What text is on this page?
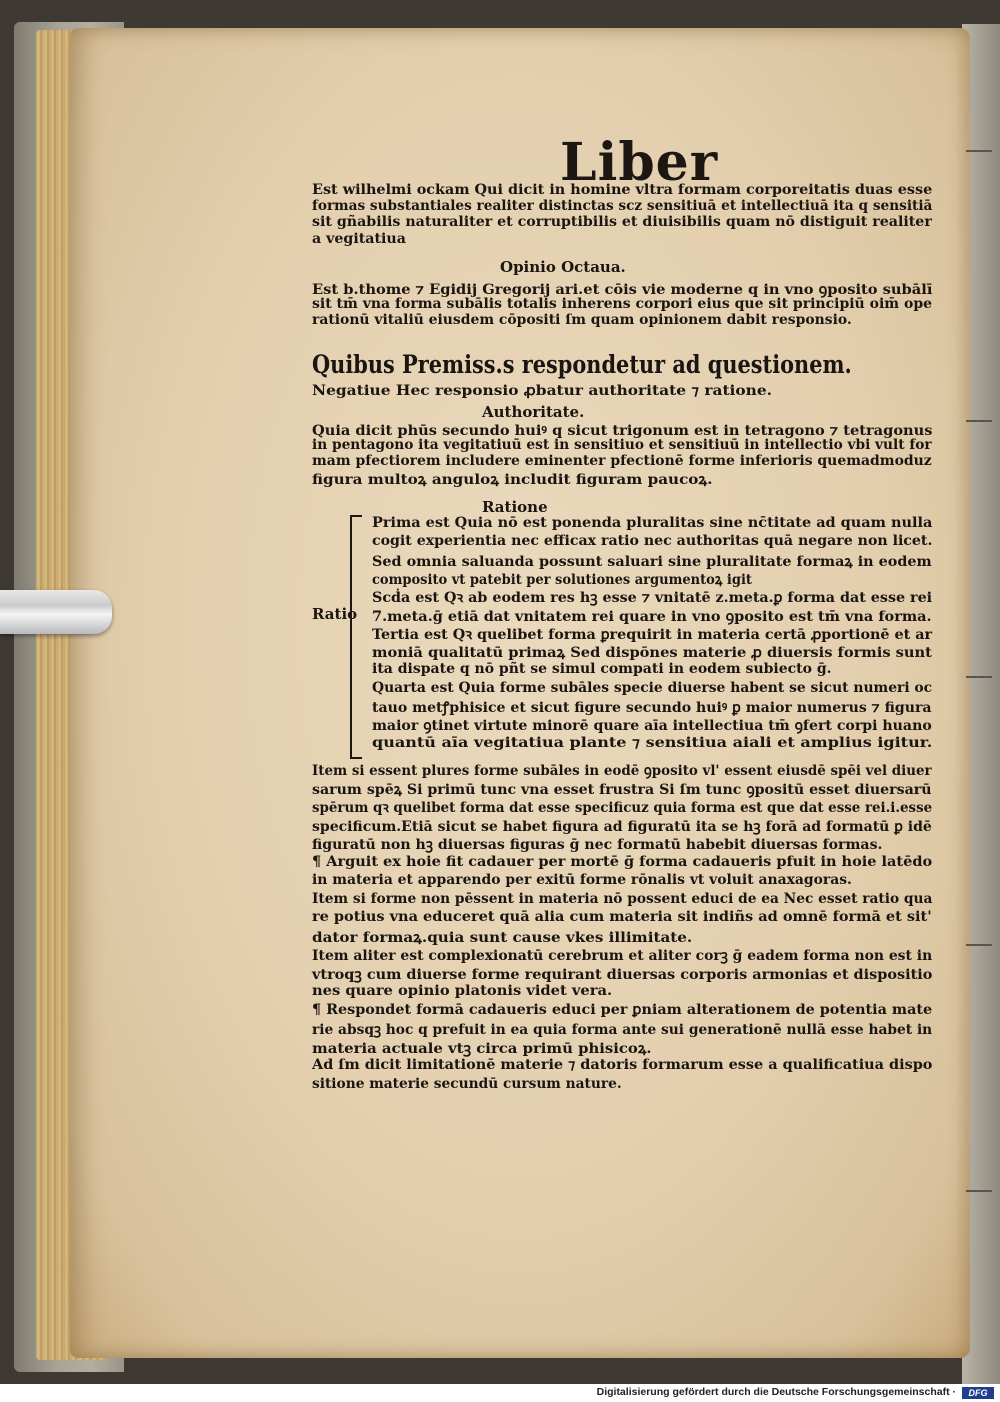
Liber
Est wilhelmi ockam Qui dicit in homine vltra formam corporeitatis duas esse
formas substantiales realiter distinctas scz sensitiuā et intellectiuā ita q sensitiā
sit gñabilis naturaliter et corruptibilis et diuisibilis quam nō distiguit realiter
a vegitatiua
Opinio Octaua.
Est b.thome ⁊ Egidij Gregorij ari.et cōis vie moderne q in vno ꝯposito subālī
sit tm̄ vna forma subālis totalis inherens corpori eius que sit principiū oim̄ ope
rationū vitaliū eiusdem cōpositi ſm quam opinionem dabit responsio.
Quibus Premiss.s respondetur ad questionem.
Negatiue Hec responsio ꝓbatur authoritate ⁊ ratione.
Authoritate.
Quia dicit phūs secundo huiꝰ q sicut trigonum est in tetragono ⁊ tetragonus
in pentagono ita vegitatiuū est in sensitiuo et sensitiuū in intellectio vbi vult for
mam pfectiorem includere eminenter pfectionē forme inferioris quemadmoduz
figura multoꝝ anguloꝝ includit figuram paucoꝝ.
Ratione
Prima est Quia nō est ponenda pluralitas sine nc̄titate ad quam nulla
cogit experientia nec efficax ratio nec authoritas quā negare non licet.
Sed omnia saluanda possunt saluari sine pluralitate formaꝝ in eodem
composito vt patebit per solutiones argumentoꝝ igit
Scḋa est Qꝛ ab eodem res hꝫ esse ⁊ vnitatē z.meta.ꝑ forma dat esse rei
7.meta.ḡ etiā dat vnitatem rei quare in vno ꝯposito est tm̄ vna forma.
Tertia est Qꝛ quelibet forma ꝑrequirit in materia certā ꝓportionē et ar
moniā qualitatū primaꝝ Sed dispōnes materie ꝓ diuersis formis sunt
ita dispate q nō pñt se simul compati in eodem subiecto ḡ.
Quarta est Quia forme subāles specie diuerse habent se sicut numeri oc
tauo metꝭphisice et sicut figure secundo huiꝰ ꝑ maior numerus ⁊ figura
maior ꝯtinet virtute minorē quare aīa intellectiua tm̄ ꝯfert corpi huano
quantū aīa vegitatiua plante ⁊ sensitiua aiali et amplius igitur.
Item si essent plures forme subāles in eodē ꝯposito vl' essent eiusdē spēi vel diuer
sarum spēꝝ Si primū tunc vna esset frustra Si ſm tunc ꝯpositū esset diuersarū
spērum qꝛ quelibet forma dat esse specificuz quia forma est que dat esse rei.i.esse
specificum.Etiā sicut se habet figura ad figuratū ita se hꝫ forā ad formatū ꝑ idē
figuratū non hꝫ diuersas figuras ḡ nec formatū habebit diuersas formas.
¶ Arguit ex hoie fit cadauer per mortē ḡ forma cadaueris pfuit in hoie latēdo
in materia et apparendo per exitū forme rōnalis vt voluit anaxagoras.
Item si forme non pēssent in materia nō possent educi de ea Nec esset ratio qua
re potius vna educeret quā alia cum materia sit indiñs ad omnē formā et sit'
dator formaꝝ.quia sunt cause vkes illimitate.
Item aliter est complexionatū cerebrum et aliter corꝫ ḡ eadem forma non est in
vtroqꝫ cum diuerse forme requirant diuersas corporis armonias et dispositio
nes quare opinio platonis videt vera.
¶ Respondet formā cadaueris educi per ꝑniam alterationem de potentia mate
rie absqꝫ hoc q prefuit in ea quia forma ante sui generationē nullā esse habet in
materia actuale vtꝫ circa primū phisicoꝝ.
Ad ſm dicit limitationē materie ⁊ datoris formarum esse a qualificatiua dispo
sitione materie secundū cursum nature.
Ratio
Digitalisierung gefördert durch die Deutsche Forschungsgemeinschaft ·	DFG
